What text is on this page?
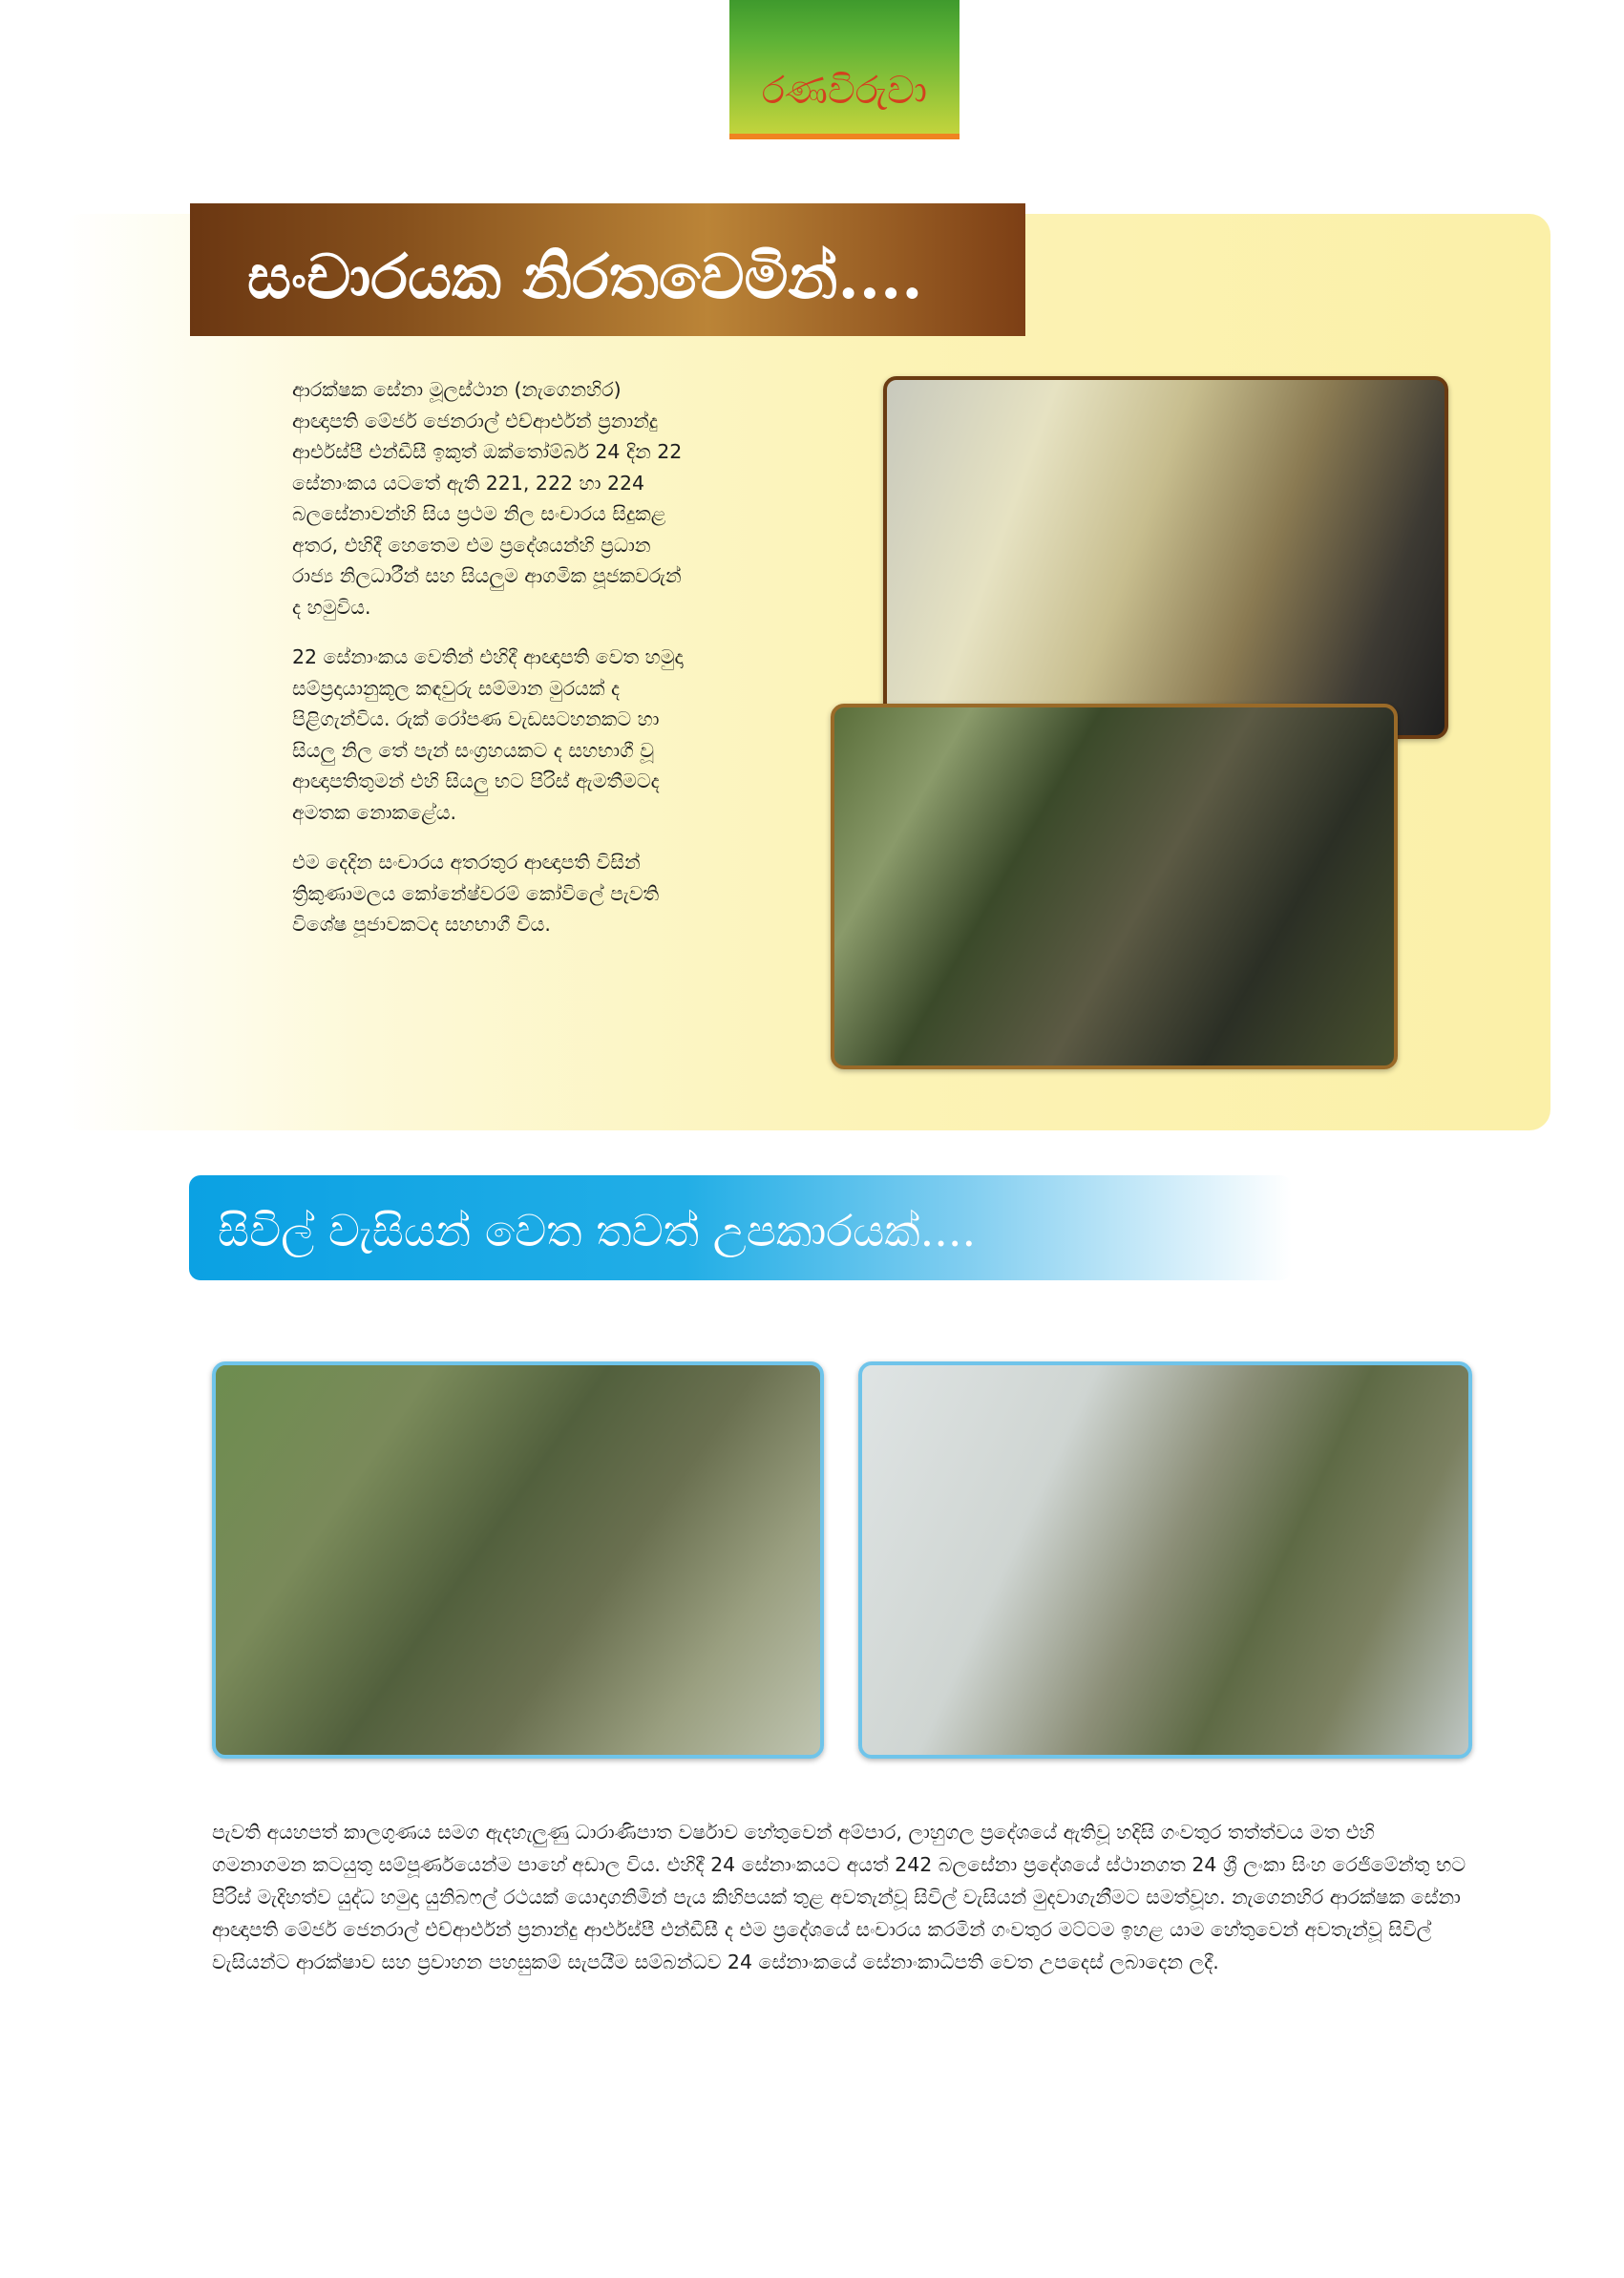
රණවිරුවා
සංචාරයක නිරතවෙමින්....

ආරක්ෂක සේනා මූලස්ථාන (නැගෙනහිර) ආඥාපති මේජර් ජෙනරාල් එච්ආර්එන් ප්‍රනාන්දු ආර්එස්පී එන්ඩීසී ඉකුත් ඔක්තෝම්බර් 24 දින 22 සේනාංකය යටතේ ඇති 221, 222 හා 224 බලසේනාවන්හි සිය ප්‍රථම නිල සංචාරය සිදුකළ අතර, එහිදී හෙතෙම එම ප්‍රදේශයන්හි ප්‍රධාන රාජ්‍ය නිලධාරීන් සහ සියලුම ආගමික පූජකවරුන් ද හමුවිය.

22 සේනාංකය වෙතින් එහිදී ආඥාපති වෙත හමුදා සම්ප්‍රදායානුකූල කඳවුරු සම්මාන මුරයක් ද පිළිගැන්විය. රුක් රෝපණ වැඩසටහනකට හා සියලු නිල තේ පැන් සංග්‍රහයකට ද සහභාගී වූ ආඥාපතිතුමන් එහි සියලු භට පිරිස් ඇමතීමටද අමතක නොකළේය.

එම දෙදින සංචාරය අතරතුර ආඥාපති විසින් ත්‍රිකුණාමලය කෝනේෂ්වරම් කෝවිලේ පැවති විශේෂ පූජාවකටද සහභාගී විය.

සිවිල් වැසියන් වෙත තවත් උපකාරයක්....

පැවති අයහපත් කාලගුණය සමග ඇදහැලුණු ධාරාණිපාත වර්ෂාව හේතුවෙන් අම්පාර, ලාහුගල ප්‍රදේශයේ ඇතිවූ හදිසි ගංවතුර තත්ත්වය මත එහි ගමනාගමන කටයුතු සම්පූර්ණයෙන්ම පාහේ අඩාල විය. එහිදී 24 සේනාංකයට අයත් 242 බලසේනා ප්‍රදේශයේ ස්ථානගත 24 ශ්‍රී ලංකා සිංහ රෙජිමේන්තු භට පිරිස් මැදිහත්ව යුද්ධ හමුදා යුනිබෆල් රථයක් යොදාගනිමින් පැය කිහිපයක් තුළ අවතැන්වූ සිවිල් වැසියන් මුදවාගැනීමට සමත්වූහ. නැගෙනහිර ආරක්ෂක සේනා ආඥාපති මේජර් ජෙනරාල් එච්ආර්එන් ප්‍රනාන්දු ආර්එස්පී එන්ඩීසී ද එම ප්‍රදේශයේ සංචාරය කරමින් ගංවතුර මට්ටම ඉහළ යාම හේතුවෙන් අවතැන්වූ සිවිල් වැසියන්ට ආරක්ෂාව සහ ප්‍රවාහන පහසුකම් සැපයීම සම්බන්ධව 24 සේනාංකයේ සේනාංකාධිපති වෙත උපදෙස් ලබාදෙන ලදී.
